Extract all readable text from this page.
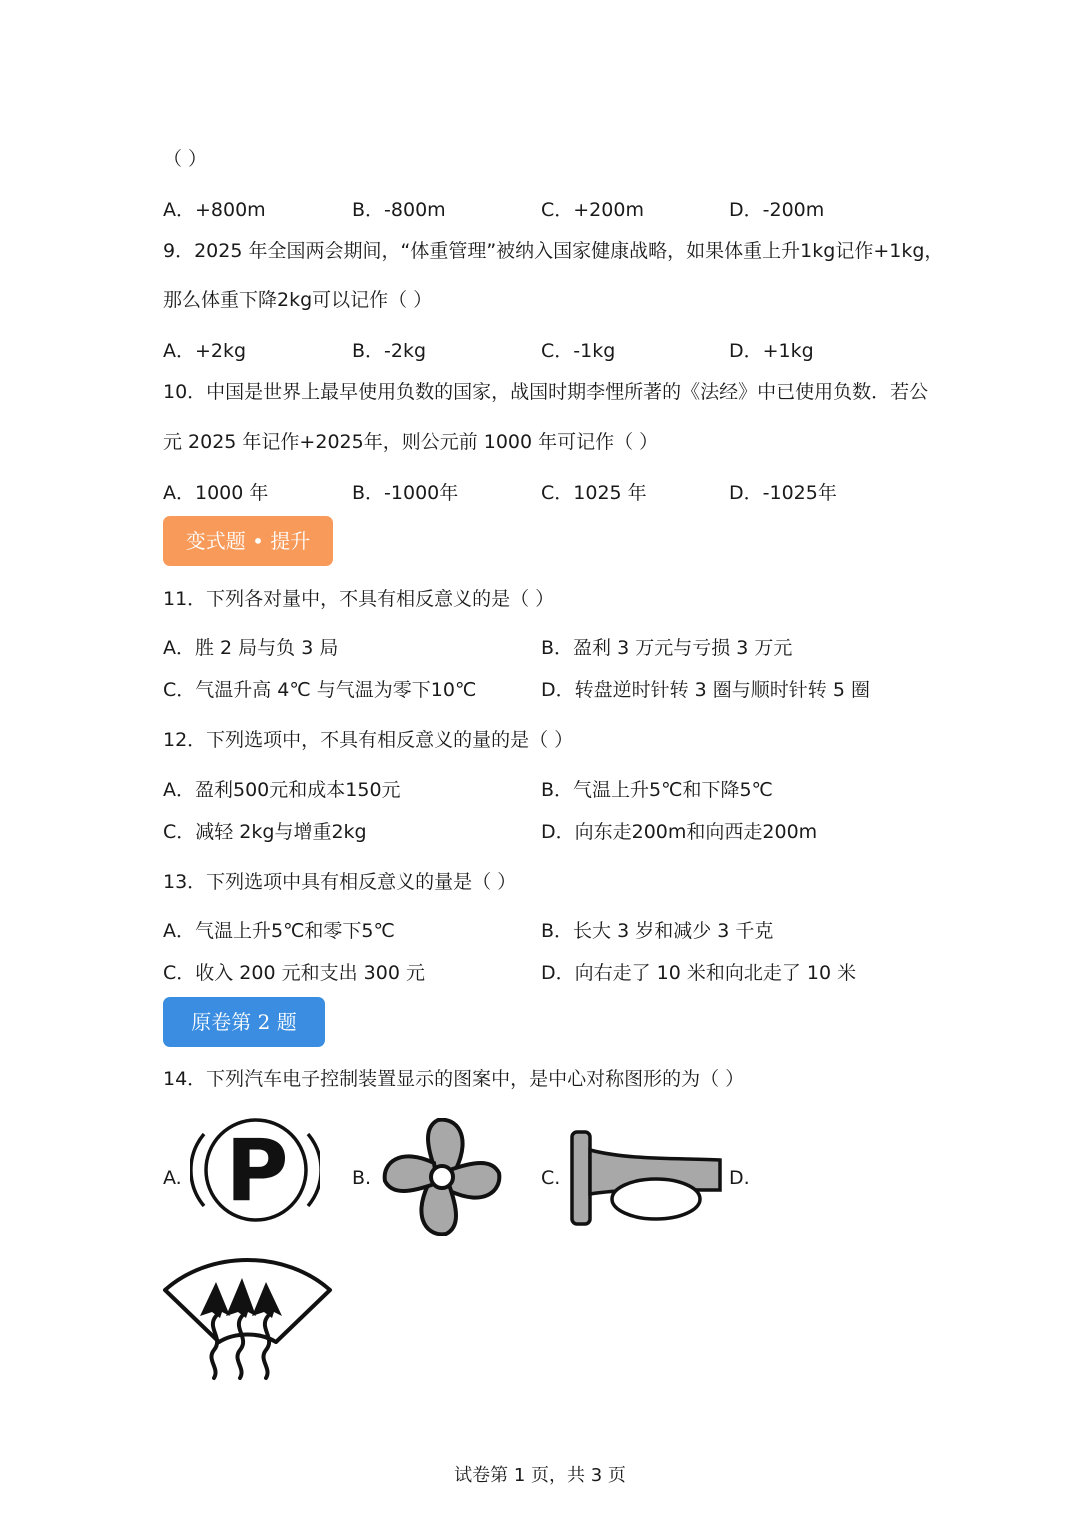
（ ）
A．+800m	B．-800m	C．+200m	D．-200m
9．2025 年全国两会期间，“体重管理”被纳入国家健康战略，如果体重上升1kg记作+1kg，
那么体重下降2kg可以记作（ ）
A．+2kg	B．-2kg	C．-1kg	D．+1kg
10．中国是世界上最早使用负数的国家，战国时期李悝所著的《法经》中已使用负数．若公
元 2025 年记作+2025年，则公元前 1000 年可记作（ ）
A．1000 年	B．-1000年	C．1025 年	D．-1025年
变式题 • 提升
11．下列各对量中，不具有相反意义的是（ ）
A．胜 2 局与负 3 局	B．盈利 3 万元与亏损 3 万元
C．气温升高 4℃ 与气温为零下10℃	D．转盘逆时针转 3 圈与顺时针转 5 圈
12．下列选项中，不具有相反意义的量的是（ ）
A．盈利500元和成本150元	B．气温上升5℃和下降5℃
C．减轻 2kg与增重2kg	D．向东走200m和向西走200m
13．下列选项中具有相反意义的量是（ ）
A．气温上升5℃和零下5℃	B．长大 3 岁和减少 3 千克
C．收入 200 元和支出 300 元	D．向右走了 10 米和向北走了 10 米
原卷第 2 题
14．下列汽车电子控制装置显示的图案中，是中心对称图形的为（ ）
A. P	B.	C.	D.
试卷第 1 页，共 3 页
